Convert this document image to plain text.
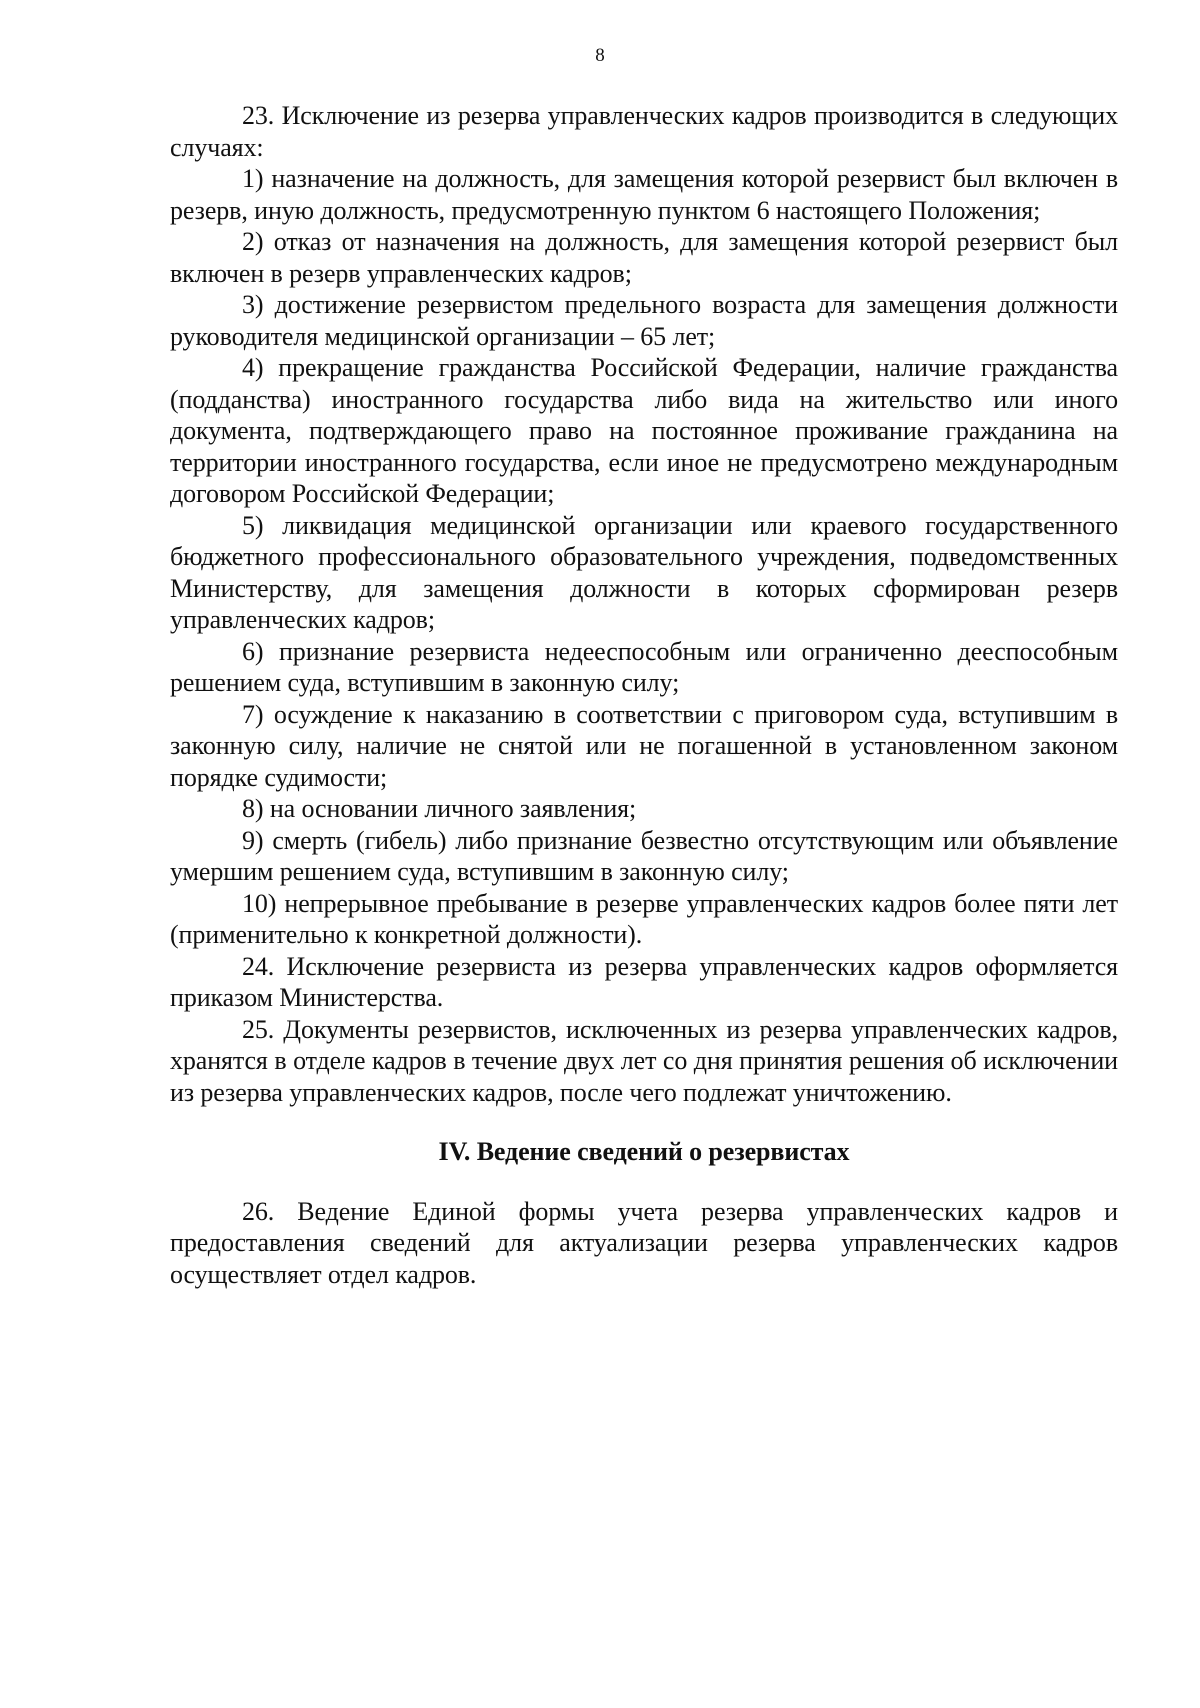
8

23. Исключение из резерва управленческих кадров производится в следующих случаях:

1) назначение на должность, для замещения которой резервист был включен в резерв, иную должность, предусмотренную пунктом 6 настоящего Положения;

2) отказ от назначения на должность, для замещения которой резервист был включен в резерв управленческих кадров;

3) достижение резервистом предельного возраста для замещения должности руководителя медицинской организации – 65 лет;

4) прекращение гражданства Российской Федерации, наличие гражданства (подданства) иностранного государства либо вида на жительство или иного документа, подтверждающего право на постоянное проживание гражданина на территории иностранного государства, если иное не предусмотрено международным договором Российской Федерации;

5) ликвидация медицинской организации или краевого государственного бюджетного профессионального образовательного учреждения, подведомственных Министерству, для замещения должности в которых сформирован резерв управленческих кадров;

6) признание резервиста недееспособным или ограниченно дееспособным решением суда, вступившим в законную силу;

7) осуждение к наказанию в соответствии с приговором суда, вступившим в законную силу, наличие не снятой или не погашенной в установленном законом порядке судимости;

8) на основании личного заявления;

9) смерть (гибель) либо признание безвестно отсутствующим или объявление умершим решением суда, вступившим в законную силу;

10) непрерывное пребывание в резерве управленческих кадров более пяти лет (применительно к конкретной должности).

24. Исключение резервиста из резерва управленческих кадров оформляется приказом Министерства.

25. Документы резервистов, исключенных из резерва управленческих кадров, хранятся в отделе кадров в течение двух лет со дня принятия решения об исключении из резерва управленческих кадров, после чего подлежат уничтожению.

IV. Ведение сведений о резервистах

26. Ведение Единой формы учета резерва управленческих кадров и предоставления сведений для актуализации резерва управленческих кадров осуществляет отдел кадров.
